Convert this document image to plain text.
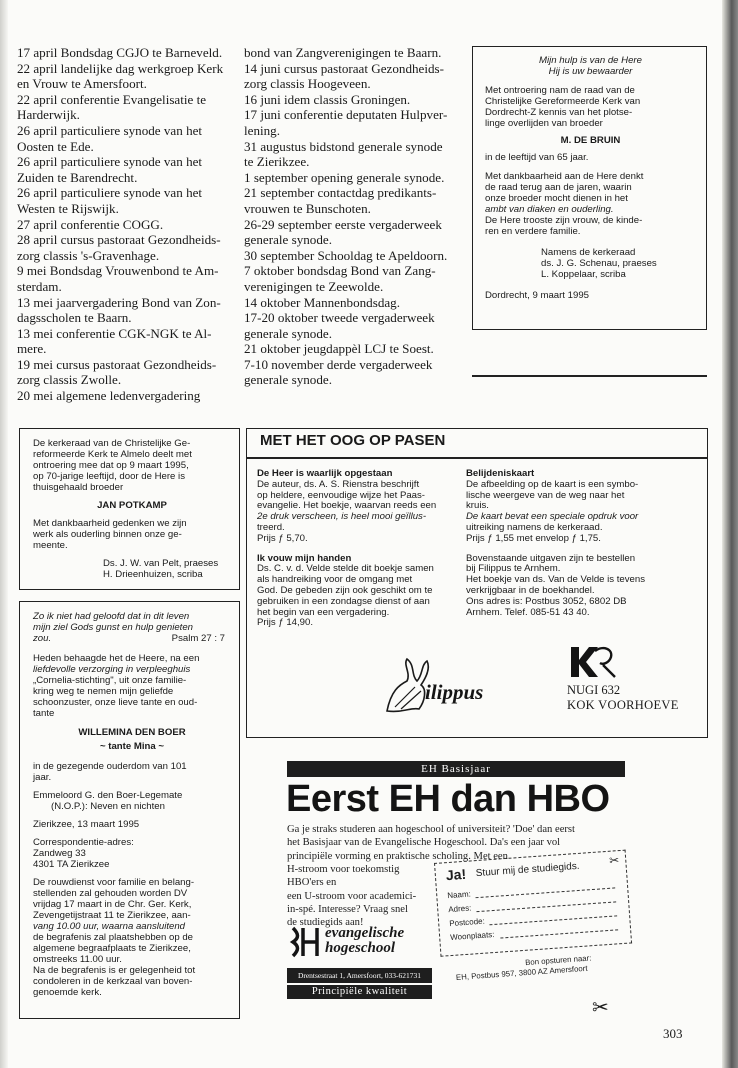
17 april Bondsdag CGJO te Barneveld.

22 april landelijke dag werkgroep Kerk

en Vrouw te Amersfoort.

22 april conferentie Evangelisatie te

Harderwijk.

26 april particuliere synode van het

Oosten te Ede.

26 april particuliere synode van het

Zuiden te Barendrecht.

26 april particuliere synode van het

Westen te Rijswijk.

27 april conferentie COGG.

28 april cursus pastoraat Gezondheids-

zorg classis 's-Gravenhage.

9 mei Bondsdag Vrouwenbond te Am-

sterdam.

13 mei jaarvergadering Bond van Zon-

dagsscholen te Baarn.

13 mei conferentie CGK-NGK te Al-

mere.

19 mei cursus pastoraat Gezondheids-

zorg classis Zwolle.

20 mei algemene ledenvergadering

bond van Zangverenigingen te Baarn.

14 juni cursus pastoraat Gezondheids-

zorg classis Hoogeveen.

16 juni idem classis Groningen.

17 juni conferentie deputaten Hulpver-

lening.

31 augustus bidstond generale synode

te Zierikzee.

1 september opening generale synode.

21 september contactdag predikants-

vrouwen te Bunschoten.

26-29 september eerste vergaderweek

generale synode.

30 september Schooldag te Apeldoorn.

7 oktober bondsdag Bond van Zang-

verenigingen te Zeewolde.

14 oktober Mannenbondsdag.

17-20 oktober tweede vergaderweek

generale synode.

21 oktober jeugdappèl LCJ te Soest.

7-10 november derde vergaderweek

generale synode.

Mijn hulp is van de Here

Hij is uw bewaarder

Met ontroering nam de raad van de

Christelijke Gereformeerde Kerk van

Dordrecht-Z kennis van het plotse-

linge overlijden van broeder

M. DE BRUIN

in de leeftijd van 65 jaar.

Met dankbaarheid aan de Here denkt

de raad terug aan de jaren, waarin

onze broeder mocht dienen in het

ambt van diaken en ouderling.

De Here trooste zijn vrouw, de kinde-

ren en verdere familie.

Namens de kerkeraad

ds. J. G. Schenau, praeses

L. Koppelaar, scriba

Dordrecht, 9 maart 1995

De kerkeraad van de Christelijke Ge-

reformeerde Kerk te Almelo deelt met

ontroering mee dat op 9 maart 1995,

op 70-jarige leeftijd, door de Here is

thuisgehaald broeder

JAN POTKAMP

Met dankbaarheid gedenken we zijn

werk als ouderling binnen onze ge-

meente.

Ds. J. W. van Pelt, praeses

H. Drieenhuizen, scriba

Zo ik niet had geloofd dat in dit leven

mijn ziel Gods gunst en hulp genieten

zou.	Psalm 27 : 7

Heden behaagde het de Heere, na een

liefdevolle verzorging in verpleeghuis

„Cornelia-stichting", uit onze familie-

kring weg te nemen mijn geliefde

schoonzuster, onze lieve tante en oud-

tante

WILLEMINA DEN BOER

~ tante Mina ~

in de gezegende ouderdom van 101

jaar.

Emmeloord G. den Boer-Legemate

(N.O.P.): Neven en nichten

Zierikzee, 13 maart 1995

Correspondentie-adres:

Zandweg 33

4301 TA Zierikzee

De rouwdienst voor familie en belang-

stellenden zal gehouden worden DV

vrijdag 17 maart in de Chr. Ger. Kerk,

Zevengetijstraat 11 te Zierikzee, aan-

vang 10.00 uur, waarna aansluitend

de begrafenis zal plaatshebben op de

algemene begraafplaats te Zierikzee,

omstreeks 11.00 uur.

Na de begrafenis is er gelegenheid tot

condoleren in de kerkzaal van boven-

genoemde kerk.

MET HET OOG OP PASEN

De Heer is waarlijk opgestaan

De auteur, ds. A. S. Rienstra beschrijft

op heldere, eenvoudige wijze het Paas-

evangelie. Het boekje, waarvan reeds een

2e druk verscheen, is heel mooi geïllus-

treerd.

Prijs ƒ 5,70.

Ik vouw mijn handen

Ds. C. v. d. Velde stelde dit boekje samen

als handreiking voor de omgang met

God. De gebeden zijn ook geschikt om te

gebruiken in een zondagse dienst of aan

het begin van een vergadering.

Prijs ƒ 14,90.

Belijdeniskaart

De afbeelding op de kaart is een symbo-

lische weergeve van de weg naar het

kruis.

De kaart bevat een speciale opdruk voor

uitreiking namens de kerkeraad.

Prijs ƒ 1,55 met envelop ƒ 1,75.

Bovenstaande uitgaven zijn te bestellen

bij Filippus te Arnhem.

Het boekje van ds. Van de Velde is tevens

verkrijgbaar in de boekhandel.

Ons adres is: Postbus 3052, 6802 DB

Arnhem. Telef. 085-51 43 40.

ilippus	NUGI 632
KOK VOORHOEVE
EH Basisjaar
Eerst EH dan HBO
Ga je straks studeren aan hogeschool of universiteit? 'Doe' dan eerst
het Basisjaar van de Evangelische Hogeschool. Da's een jaar vol
principiële vorming en praktische scholing. Met een
H-stroom voor toekomstig HBO'ers en
een U-stroom voor academici-
in-spé. Interesse? Vraag snel
de studiegids aan!
evangelische
hogeschool
Drentsestraat 1, Amersfoort, 033-621731
Principiële kwaliteit
Ja! Stuur mij de studiegids.
✂
Naam:
Adres:
Postcode:
Woonplaats:
Bon opsturen naar:
EH, Postbus 957, 3800 AZ Amersfoort
✂
303
